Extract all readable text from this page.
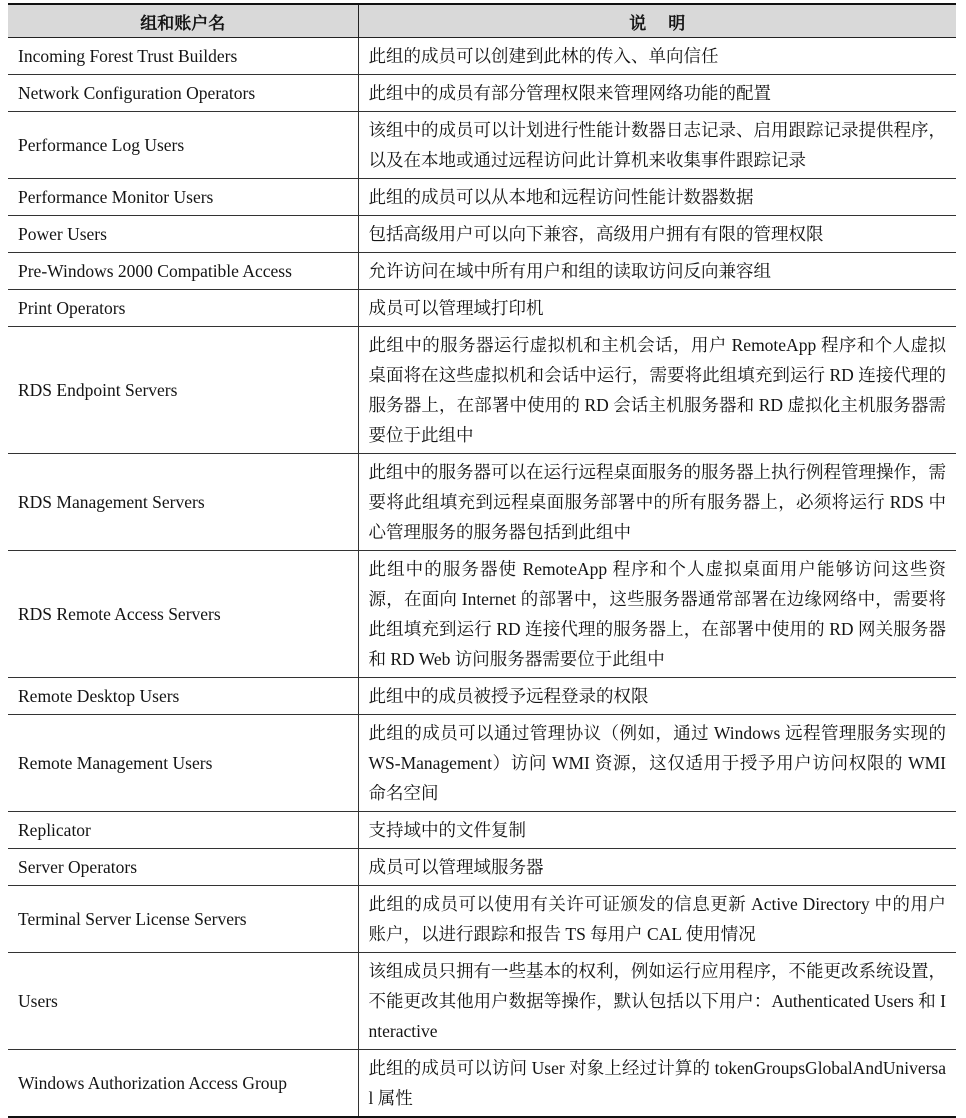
组和账户名	说明
Incoming Forest Trust Builders	此组的成员可以创建到此林的传入、单向信任
Network Configuration Operators	此组中的成员有部分管理权限来管理网络功能的配置
Performance Log Users	该组中的成员可以计划进行性能计数器日志记录、启用跟踪记录提供程序，以及在本地或通过远程访问此计算机来收集事件跟踪记录
Performance Monitor Users	此组的成员可以从本地和远程访问性能计数器数据
Power Users	包括高级用户可以向下兼容，高级用户拥有有限的管理权限
Pre-Windows 2000 Compatible Access	允许访问在域中所有用户和组的读取访问反向兼容组
Print Operators	成员可以管理域打印机
RDS Endpoint Servers	此组中的服务器运行虚拟机和主机会话，用户 RemoteApp 程序和个人虚拟桌面将在这些虚拟机和会话中运行，需要将此组填充到运行 RD 连接代理的服务器上，在部署中使用的 RD 会话主机服务器和 RD 虚拟化主机服务器需要位于此组中
RDS Management Servers	此组中的服务器可以在运行远程桌面服务的服务器上执行例程管理操作，需要将此组填充到远程桌面服务部署中的所有服务器上，必须将运行 RDS 中心管理服务的服务器包括到此组中
RDS Remote Access Servers	此组中的服务器使 RemoteApp 程序和个人虚拟桌面用户能够访问这些资源，在面向 Internet 的部署中，这些服务器通常部署在边缘网络中，需要将此组填充到运行 RD 连接代理的服务器上，在部署中使用的 RD 网关服务器和 RD Web 访问服务器需要位于此组中
Remote Desktop Users	此组中的成员被授予远程登录的权限
Remote Management Users	此组的成员可以通过管理协议（例如，通过 Windows 远程管理服务实现的 WS-Management）访问 WMI 资源，这仅适用于授予用户访问权限的 WMI 命名空间
Replicator	支持域中的文件复制
Server Operators	成员可以管理域服务器
Terminal Server License Servers	此组的成员可以使用有关许可证颁发的信息更新 Active Directory 中的用户账户，以进行跟踪和报告 TS 每用户 CAL 使用情况
Users	该组成员只拥有一些基本的权利，例如运行应用程序，不能更改系统设置，不能更改其他用户数据等操作，默认包括以下用户：Authenticated Users 和 Interactive
Windows Authorization Access Group	此组的成员可以访问 User 对象上经过计算的 tokenGroupsGlobalAndUniversal 属性
